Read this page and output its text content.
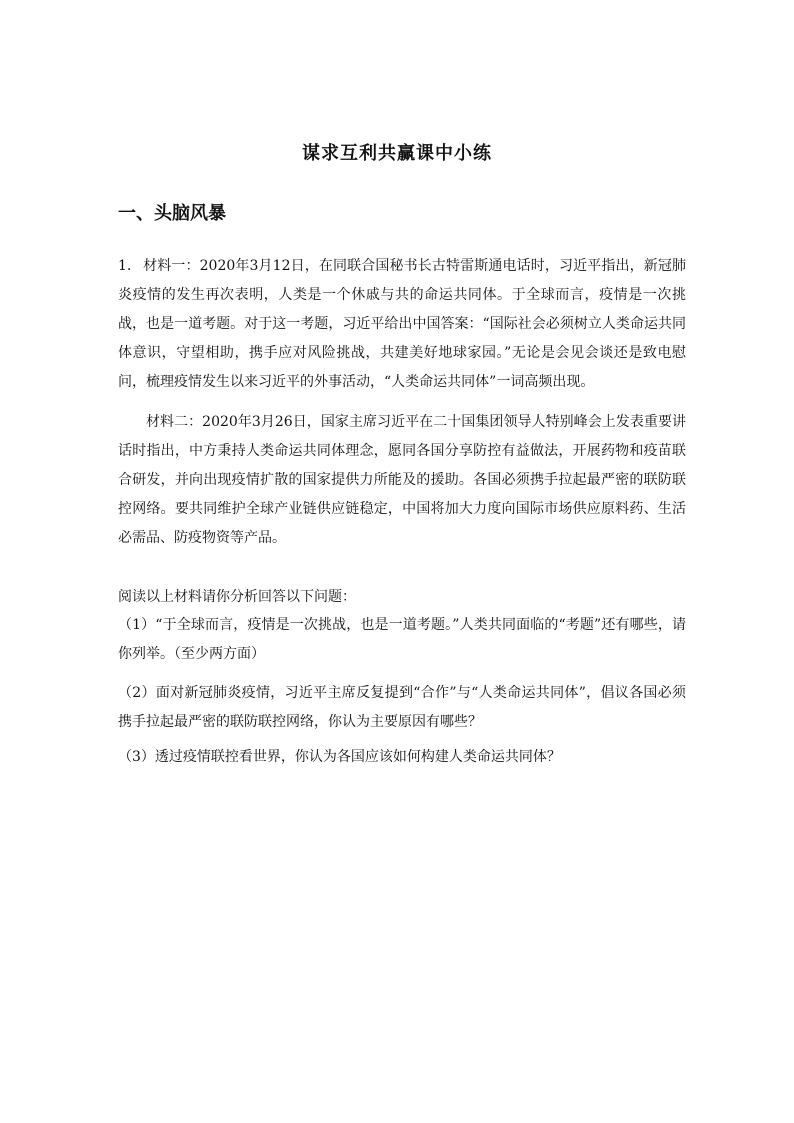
谋求互利共赢课中小练
一、头脑风暴
1． 材料一：2020年3月12日，在同联合国秘书长古特雷斯通电话时，习近平指出，新冠肺炎疫情的发生再次表明，人类是一个休戚与共的命运共同体。于全球而言，疫情是一次挑战，也是一道考题。对于这一考题，习近平给出中国答案：“国际社会必须树立人类命运共同体意识，守望相助，携手应对风险挑战，共建美好地球家园。”无论是会见会谈还是致电慰问，梳理疫情发生以来习近平的外事活动，“人类命运共同体”一词高频出现。
材料二：2020年3月26日，国家主席习近平在二十国集团领导人特别峰会上发表重要讲话时指出，中方秉持人类命运共同体理念，愿同各国分享防控有益做法，开展药物和疫苗联合研发，并向出现疫情扩散的国家提供力所能及的援助。各国必须携手拉起最严密的联防联控网络。要共同维护全球产业链供应链稳定，中国将加大力度向国际市场供应原料药、生活必需品、防疫物资等产品。
阅读以上材料请你分析回答以下问题：
（1）“于全球而言，疫情是一次挑战，也是一道考题。”人类共同面临的“考题”还有哪些，请你列举。（至少两方面）
（2）面对新冠肺炎疫情，习近平主席反复提到“合作”与“人类命运共同体”，倡议各国必须携手拉起最严密的联防联控网络，你认为主要原因有哪些？
（3）透过疫情联控看世界，你认为各国应该如何构建人类命运共同体？
